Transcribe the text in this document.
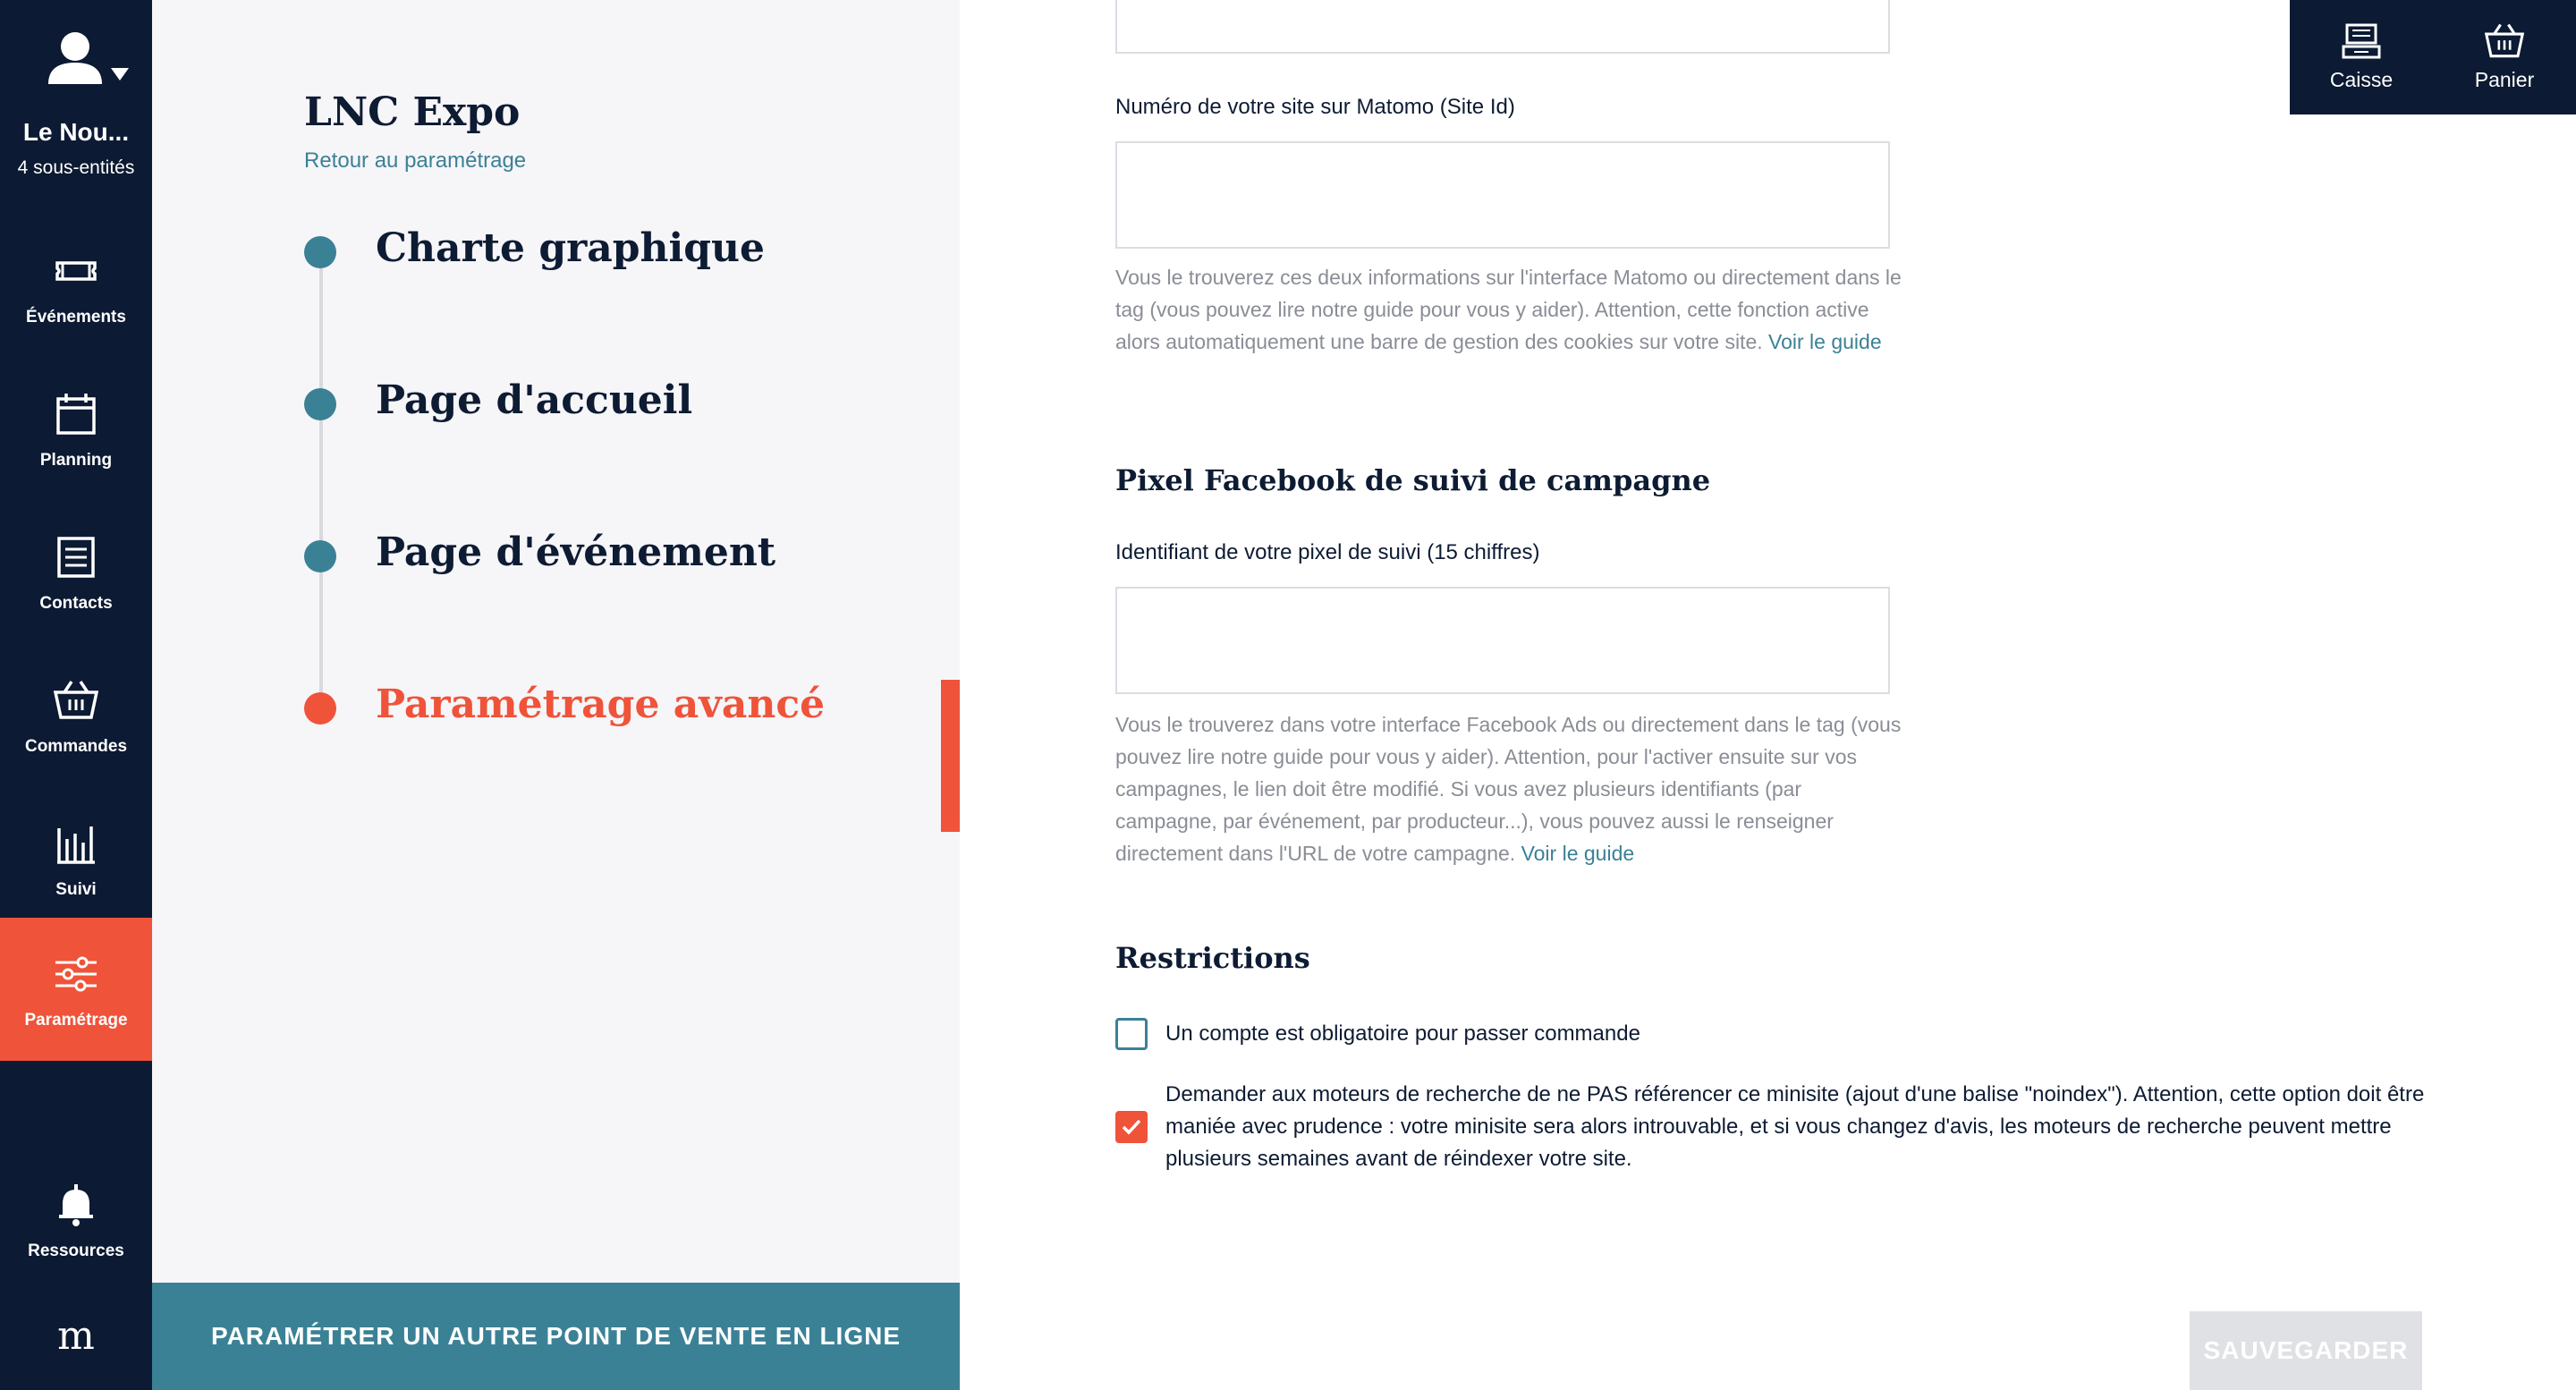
Le Nou...
4 sous-entités
Événements
Planning
Contacts
Commandes
Suivi
Paramétrage
Ressources
m
LNC Expo
Retour au paramétrage
Charte graphique
Page d'accueil
Page d'événement
Paramétrage avancé
PARAMÉTRER UN AUTRE POINT DE VENTE EN LIGNE
Numéro de votre site sur Matomo (Site Id)
Vous le trouverez ces deux informations sur l'interface Matomo ou directement dans le tag (vous pouvez lire notre guide pour vous y aider). Attention, cette fonction active alors automatiquement une barre de gestion des cookies sur votre site. Voir le guide
Pixel Facebook de suivi de campagne
Identifiant de votre pixel de suivi (15 chiffres)
Vous le trouverez dans votre interface Facebook Ads ou directement dans le tag (vous pouvez lire notre guide pour vous y aider). Attention, pour l'activer ensuite sur vos campagnes, le lien doit être modifié. Si vous avez plusieurs identifiants (par campagne, par événement, par producteur...), vous pouvez aussi le renseigner directement dans l'URL de votre campagne. Voir le guide
Restrictions
Un compte est obligatoire pour passer commande
Demander aux moteurs de recherche de ne PAS référencer ce minisite (ajout d'une balise "noindex"). Attention, cette option doit être maniée avec prudence : votre minisite sera alors introuvable, et si vous changez d'avis, les moteurs de recherche peuvent mettre plusieurs semaines avant de réindexer votre site.
SAUVEGARDER
Caisse	Panier
